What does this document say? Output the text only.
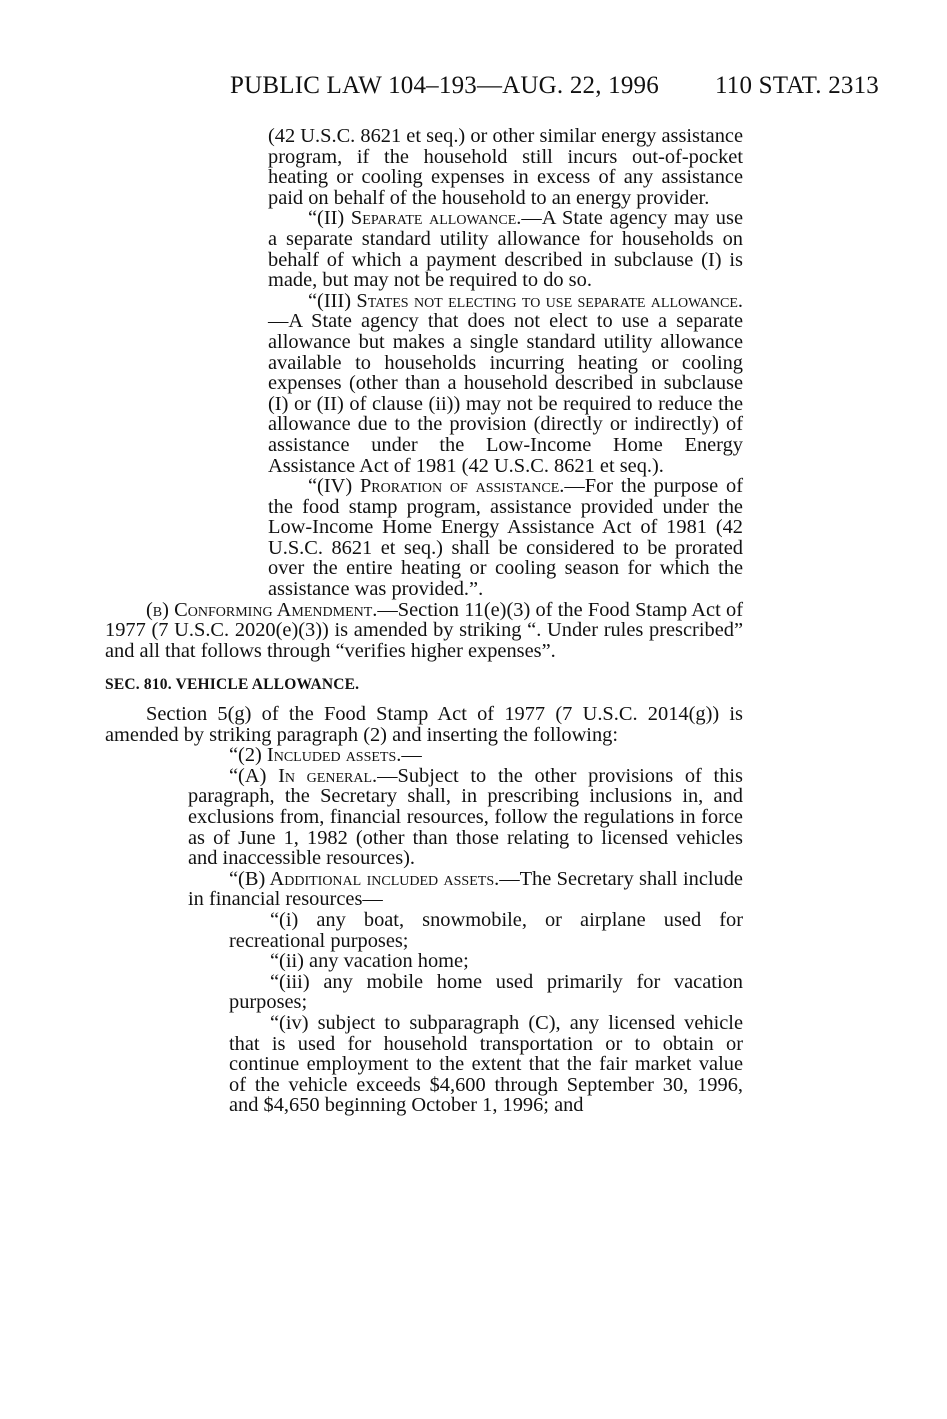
PUBLIC LAW 104–193—AUG. 22, 1996 110 STAT. 2313

(42 U.S.C. 8621 et seq.) or other similar energy assistance program, if the household still incurs out-of-pocket heating or cooling expenses in excess of any assistance paid on behalf of the household to an energy provider.

“(II) Separate allowance.—A State agency may use a separate standard utility allowance for households on behalf of which a payment described in subclause (I) is made, but may not be required to do so.

“(III) States not electing to use separate allowance.—A State agency that does not elect to use a separate allowance but makes a single standard utility allowance available to households incurring heating or cooling expenses (other than a household described in subclause (I) or (II) of clause (ii)) may not be required to reduce the allowance due to the provision (directly or indirectly) of assistance under the Low-Income Home Energy Assistance Act of 1981 (42 U.S.C. 8621 et seq.).

“(IV) Proration of assistance.—For the purpose of the food stamp program, assistance provided under the Low-Income Home Energy Assistance Act of 1981 (42 U.S.C. 8621 et seq.) shall be considered to be prorated over the entire heating or cooling season for which the assistance was provided.”.

(b) Conforming Amendment.—Section 11(e)(3) of the Food Stamp Act of 1977 (7 U.S.C. 2020(e)(3)) is amended by striking “. Under rules prescribed” and all that follows through “verifies higher expenses”.

SEC. 810. VEHICLE ALLOWANCE.

Section 5(g) of the Food Stamp Act of 1977 (7 U.S.C. 2014(g)) is amended by striking paragraph (2) and inserting the following:

“(2) Included assets.—

“(A) In general.—Subject to the other provisions of this paragraph, the Secretary shall, in prescribing inclusions in, and exclusions from, financial resources, follow the regulations in force as of June 1, 1982 (other than those relating to licensed vehicles and inaccessible resources).

“(B) Additional included assets.—The Secretary shall include in financial resources—

“(i) any boat, snowmobile, or airplane used for recreational purposes;

“(ii) any vacation home;

“(iii) any mobile home used primarily for vacation purposes;

“(iv) subject to subparagraph (C), any licensed vehicle that is used for household transportation or to obtain or continue employment to the extent that the fair market value of the vehicle exceeds $4,600 through September 30, 1996, and $4,650 beginning October 1, 1996; and
